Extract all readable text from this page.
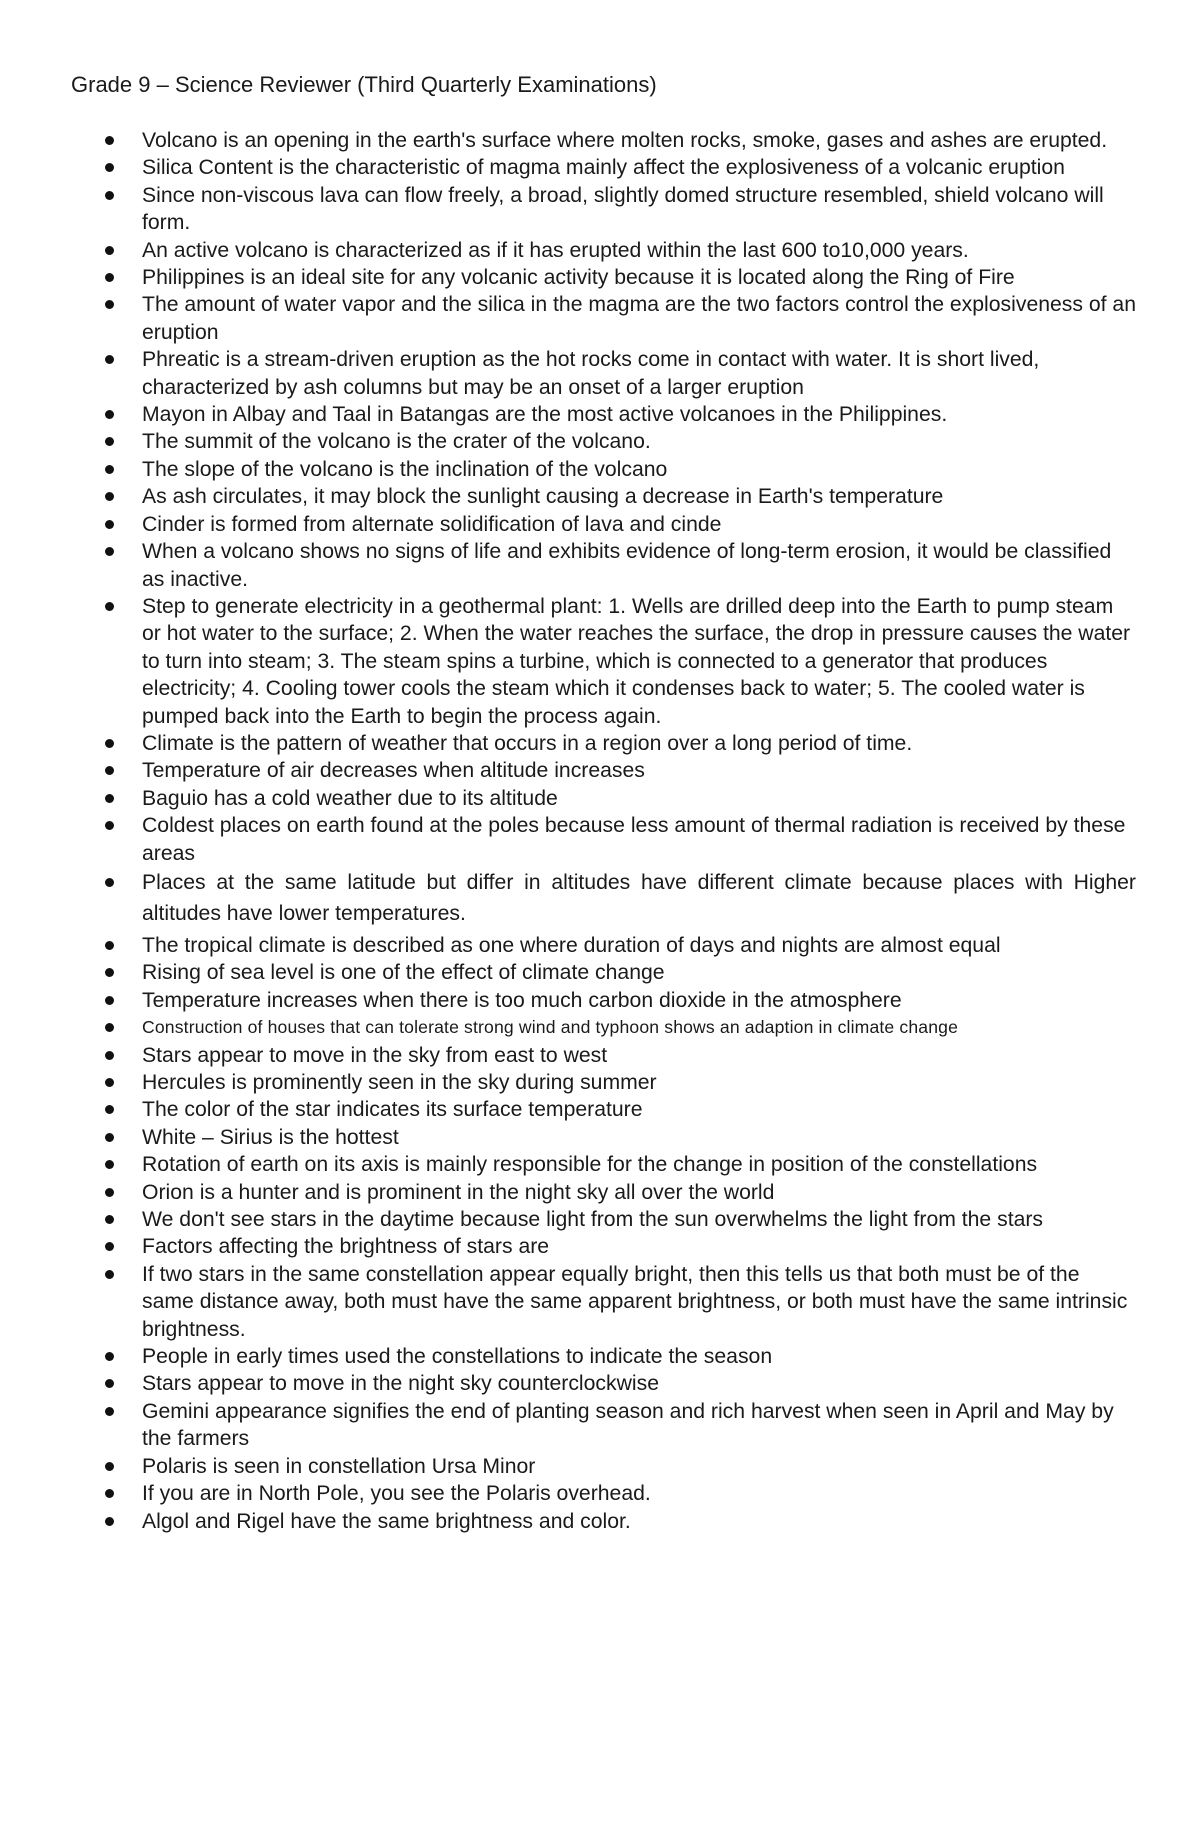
Grade 9 – Science Reviewer (Third Quarterly Examinations)
Volcano is an opening in the earth's surface where molten rocks, smoke, gases and ashes are erupted.
Silica Content is the characteristic of magma mainly affect the explosiveness of a volcanic eruption
Since non-viscous lava can flow freely, a broad, slightly domed structure resembled, shield volcano will form.
An active volcano is characterized as if it has erupted within the last 600 to10,000 years.
Philippines is an ideal site for any volcanic activity because it is located along the Ring of Fire
The amount of water vapor and the silica in the magma are the two factors control the explosiveness of an eruption
Phreatic is a stream-driven eruption as the hot rocks come in contact with water. It is short lived, characterized by ash columns but may be an onset of a larger eruption
Mayon in Albay and Taal in Batangas are the most active volcanoes in the Philippines.
The summit of the volcano is the crater of the volcano.
The slope of the volcano is the inclination of the volcano
As ash circulates, it may block the sunlight causing a decrease in Earth's temperature
Cinder is formed from alternate solidification of lava and cinde
When a volcano shows no signs of life and exhibits evidence of long-term erosion, it would be classified as inactive.
Step to generate electricity in a geothermal plant: 1. Wells are drilled deep into the Earth to pump steam or hot water to the surface; 2. When the water reaches the surface, the drop in pressure causes the water to turn into steam; 3. The steam spins a turbine, which is connected to a generator that produces electricity; 4. Cooling tower cools the steam which it condenses back to water; 5. The cooled water is pumped back into the Earth to begin the process again.
Climate is the pattern of weather that occurs in a region over a long period of time.
Temperature of air decreases when altitude increases
Baguio has a cold weather due to its altitude
Coldest places on earth found at the poles because less amount of thermal radiation is received by these areas
Places at the same latitude but differ in altitudes have different climate because places with Higher altitudes have lower temperatures.
The tropical climate is described as one where duration of days and nights are almost equal
Rising of sea level is one of the effect of climate change
Temperature increases when there is too much carbon dioxide in the atmosphere
Construction of houses that can tolerate strong wind and typhoon shows an adaption in climate change
Stars appear to move in the sky from east to west
Hercules is prominently seen in the sky during summer
The color of the star indicates its surface temperature
White – Sirius is the hottest
Rotation of earth on its axis is mainly responsible for the change in position of the constellations
Orion is a hunter and is prominent in the night sky all over the world
We don't see stars in the daytime because light from the sun overwhelms the light from the stars
Factors affecting the brightness of stars are
If two stars in the same constellation appear equally bright, then this tells us that both must be of the same distance away, both must have the same apparent brightness, or both must have the same intrinsic brightness.
People in early times used the constellations to indicate the season
Stars appear to move in the night sky counterclockwise
Gemini appearance signifies the end of planting season and rich harvest when seen in April and May by the farmers
Polaris is seen in constellation Ursa Minor
If you are in North Pole, you see the Polaris overhead.
Algol and Rigel have the same brightness and color.
